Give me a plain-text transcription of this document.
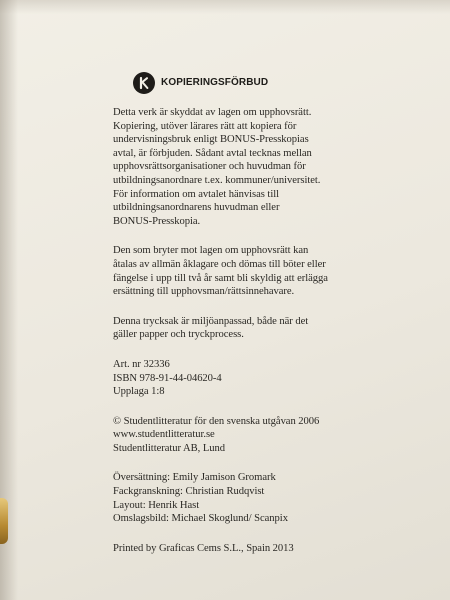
KOPIERINGSFÖRBUD

Detta verk är skyddat av lagen om upphovsrätt.
Kopiering, utöver lärares rätt att kopiera för
undervisningsbruk enligt BONUS-Presskopias
avtal, är förbjuden. Sådant avtal tecknas mellan
upphovsrättsorganisationer och huvudman för
utbildningsanordnare t.ex. kommuner/universitet.
För information om avtalet hänvisas till
utbildningsanordnarens huvudman eller
BONUS-Presskopia.

Den som bryter mot lagen om upphovsrätt kan
åtalas av allmän åklagare och dömas till böter eller
fängelse i upp till två år samt bli skyldig att erlägga
ersättning till upphovsman/rättsinnehavare.

Denna trycksak är miljöanpassad, både när det
gäller papper och tryckprocess.

Art. nr 32336
ISBN 978-91-44-04620-4
Upplaga 1:8

© Studentlitteratur för den svenska utgåvan 2006
www.studentlitteratur.se
Studentlitteratur AB, Lund

Översättning: Emily Jamison Gromark
Fackgranskning: Christian Rudqvist
Layout: Henrik Hast
Omslagsbild: Michael Skoglund/ Scanpix

Printed by Graficas Cems S.L., Spain 2013
